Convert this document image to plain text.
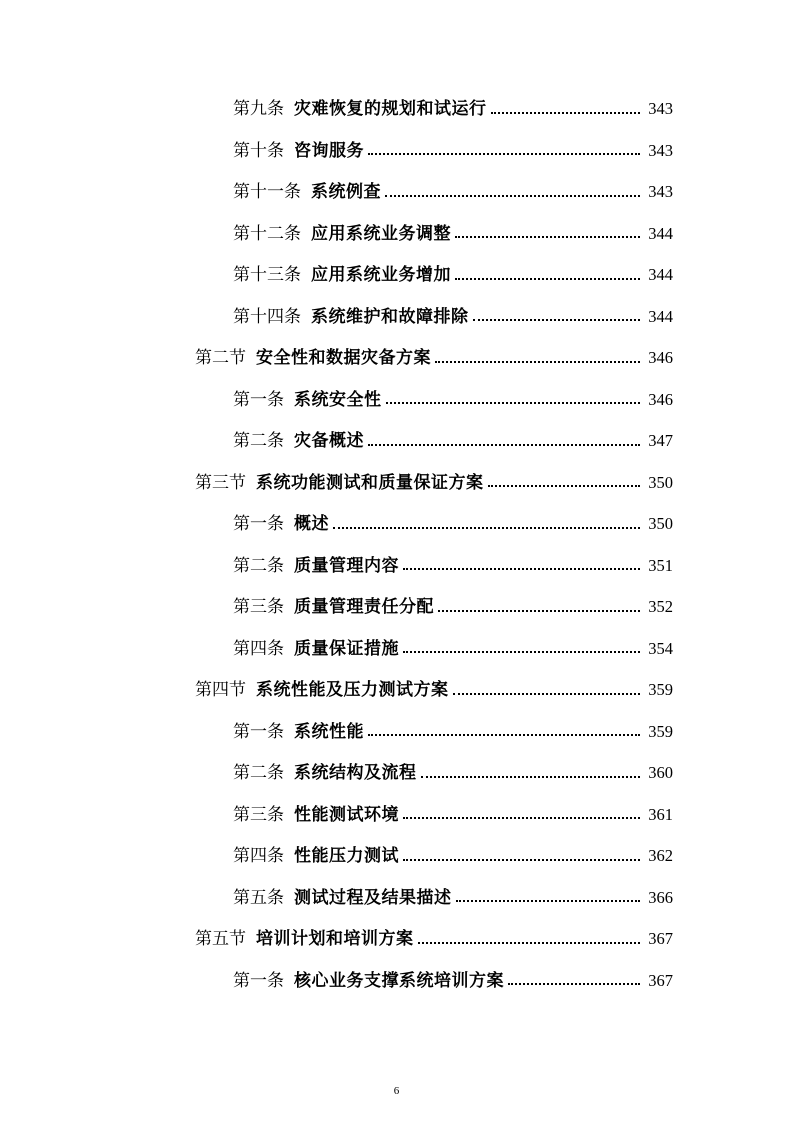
第九条 灾难恢复的规划和试运行	343
第十条 咨询服务	343
第十一条 系统例查	343
第十二条 应用系统业务调整	344
第十三条 应用系统业务增加	344
第十四条 系统维护和故障排除	344
第二节 安全性和数据灾备方案	346
第一条 系统安全性	346
第二条 灾备概述	347
第三节 系统功能测试和质量保证方案	350
第一条 概述	350
第二条 质量管理内容	351
第三条 质量管理责任分配	352
第四条 质量保证措施	354
第四节 系统性能及压力测试方案	359
第一条 系统性能	359
第二条 系统结构及流程	360
第三条 性能测试环境	361
第四条 性能压力测试	362
第五条 测试过程及结果描述	366
第五节 培训计划和培训方案	367
第一条 核心业务支撑系统培训方案	367
6
